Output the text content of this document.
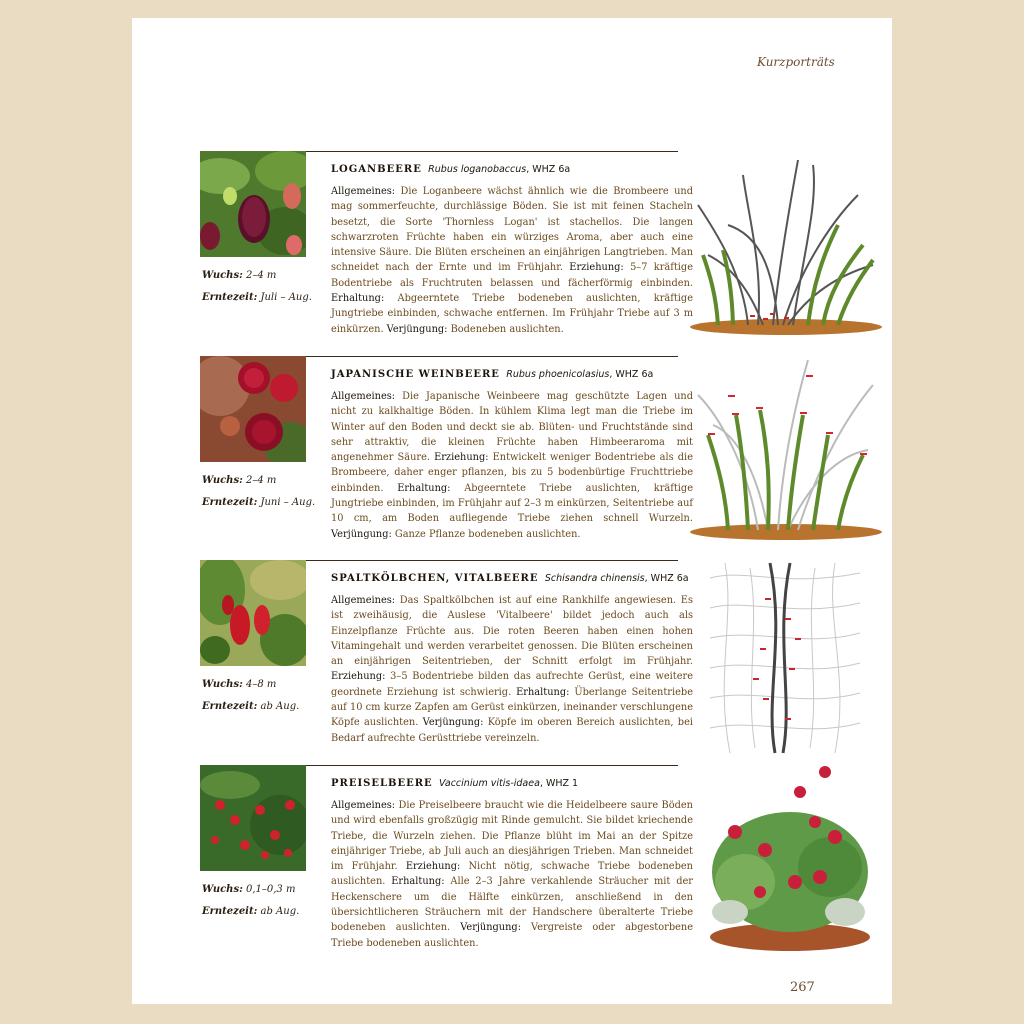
Kurzporträts
267
Wuchs: 2–4 m
Erntezeit: Juli – Aug.
LOGANBEERE Rubus loganobaccus, WHZ 6a
Allgemeines: Die Loganbeere wächst ähnlich wie die Brombeere und mag sommerfeuchte, durchlässige Böden. Sie ist mit feinen Stacheln besetzt, die Sorte 'Thornless Logan' ist stachellos. Die langen schwarzroten Früchte haben ein würziges Aroma, aber auch eine intensive Säure. Die Blüten erscheinen an einjährigen Langtrieben. Man schneidet nach der Ernte und im Frühjahr. Erziehung: 5–7 kräftige Bodentriebe als Fruchtruten belassen und fächerförmig einbinden. Erhaltung: Abgeerntete Triebe bodeneben auslichten, kräftige Jungtriebe einbinden, schwache entfernen. Im Frühjahr Triebe auf 3 m einkürzen. Verjüngung: Bodeneben auslichten.
Wuchs: 2–4 m
Erntezeit: Juni – Aug.
JAPANISCHE WEINBEERE Rubus phoenicolasius, WHZ 6a
Allgemeines: Die Japanische Weinbeere mag geschützte Lagen und nicht zu kalkhaltige Böden. In kühlem Klima legt man die Triebe im Winter auf den Boden und deckt sie ab. Blüten- und Fruchtstände sind sehr attraktiv, die kleinen Früchte haben Himbeeraroma mit angenehmer Säure. Erziehung: Entwickelt weniger Bodentriebe als die Brombeere, daher enger pflanzen, bis zu 5 bodenbürtige Fruchttriebe einbinden. Erhaltung: Abgeerntete Triebe auslichten, kräftige Jungtriebe einbinden, im Frühjahr auf 2–3 m einkürzen, Seitentriebe auf 10 cm, am Boden aufliegende Triebe ziehen schnell Wurzeln. Verjüngung: Ganze Pflanze bodeneben auslichten.
Wuchs: 4–8 m
Erntezeit: ab Aug.
SPALTKÖLBCHEN, VITALBEERE Schisandra chinensis, WHZ 6a
Allgemeines: Das Spaltkölbchen ist auf eine Rankhilfe angewiesen. Es ist zweihäusig, die Auslese 'Vitalbeere' bildet jedoch auch als Einzelpflanze Früchte aus. Die roten Beeren haben einen hohen Vitamingehalt und werden verarbeitet genossen. Die Blüten erscheinen an einjährigen Seitentrieben, der Schnitt erfolgt im Frühjahr. Erziehung: 3–5 Bodentriebe bilden das aufrechte Gerüst, eine weitere geordnete Erziehung ist schwierig. Erhaltung: Überlange Seitentriebe auf 10 cm kurze Zapfen am Gerüst einkürzen, ineinander verschlungene Köpfe auslichten. Verjüngung: Köpfe im oberen Bereich auslichten, bei Bedarf aufrechte Gerüsttriebe vereinzeln.
Wuchs: 0,1–0,3 m
Erntezeit: ab Aug.
PREISELBEERE Vaccinium vitis-idaea, WHZ 1
Allgemeines: Die Preiselbeere braucht wie die Heidelbeere saure Böden und wird ebenfalls großzügig mit Rinde gemulcht. Sie bildet kriechende Triebe, die Wurzeln ziehen. Die Pflanze blüht im Mai an der Spitze einjähriger Triebe, ab Juli auch an diesjährigen Trieben. Man schneidet im Frühjahr. Erziehung: Nicht nötig, schwache Triebe bodeneben auslichten. Erhaltung: Alle 2–3 Jahre verkahlende Sträucher mit der Heckenschere um die Hälfte einkürzen, anschließend in den übersichtlicheren Sträuchern mit der Handschere überalterte Triebe bodeneben auslichten. Verjüngung: Vergreiste oder abgestorbene Triebe bodeneben auslichten.
